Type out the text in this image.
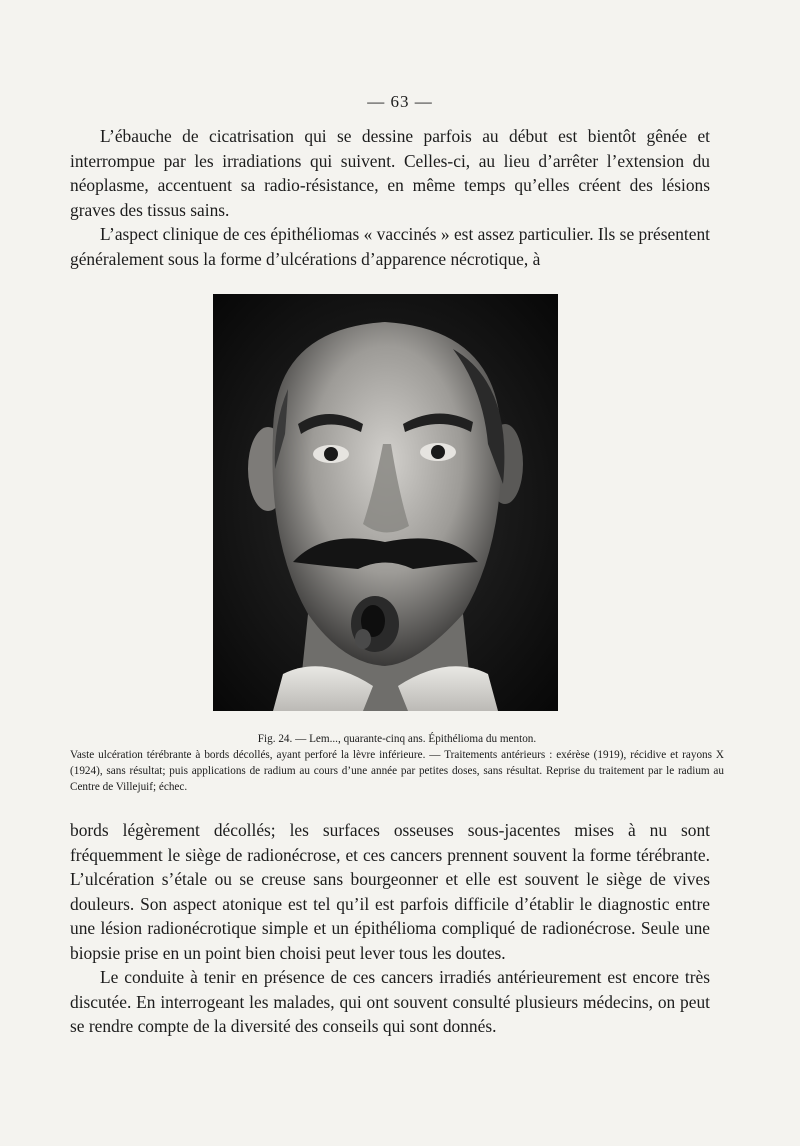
— 63 —

L’ébauche de cicatrisation qui se dessine parfois au début est bientôt gênée et interrompue par les irradiations qui suivent. Celles-ci, au lieu d’arrêter l’extension du néoplasme, accentuent sa radio-résistance, en même temps qu’elles créent des lésions graves des tissus sains.

L’aspect clinique de ces épithéliomas « vaccinés » est assez particulier. Ils se présentent généralement sous la forme d’ulcérations d’apparence nécrotique, à

Fig. 24. — Lem..., quarante-cinq ans. Épithélioma du menton.
Vaste ulcération térébrante à bords décollés, ayant perforé la lèvre inférieure. — Traitements antérieurs : exérèse (1919), récidive et rayons X (1924), sans résultat; puis applications de radium au cours d’une année par petites doses, sans résultat. Reprise du traitement par le radium au Centre de Villejuif; échec.

bords légèrement décollés; les surfaces osseuses sous-jacentes mises à nu sont fréquemment le siège de radionécrose, et ces cancers prennent souvent la forme térébrante. L’ulcération s’étale ou se creuse sans bourgeonner et elle est souvent le siège de vives douleurs. Son aspect atonique est tel qu’il est parfois difficile d’établir le diagnostic entre une lésion radionécrotique simple et un épithélioma compliqué de radionécrose. Seule une biopsie prise en un point bien choisi peut lever tous les doutes.

Le conduite à tenir en présence de ces cancers irradiés antérieurement est encore très discutée. En interrogeant les malades, qui ont souvent consulté plusieurs médecins, on peut se rendre compte de la diversité des conseils qui sont donnés.
